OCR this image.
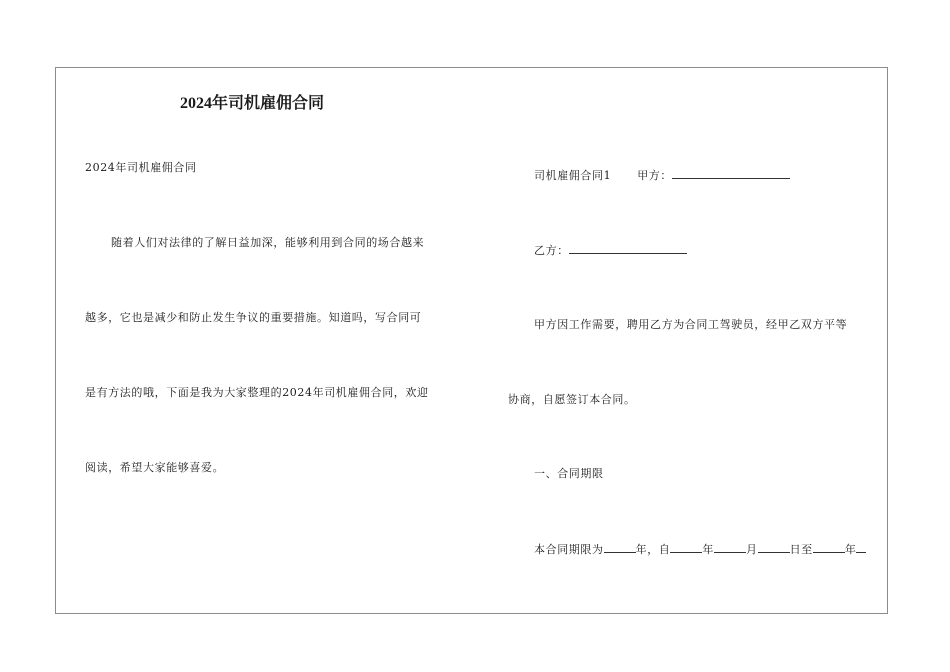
2024年司机雇佣合同
2024年司机雇佣合同
随着人们对法律的了解日益加深，能够利用到合同的场合越来
越多，它也是减少和防止发生争议的重要措施。知道吗，写合同可
是有方法的哦，下面是我为大家整理的2024年司机雇佣合同，欢迎
阅读，希望大家能够喜爱。
司机雇佣合同1 甲方：
乙方：
甲方因工作需要，聘用乙方为合同工驾驶员，经甲乙双方平等
协商，自愿签订本合同。
一、合同期限
本合同期限为	年，自	年	月	日至	年
